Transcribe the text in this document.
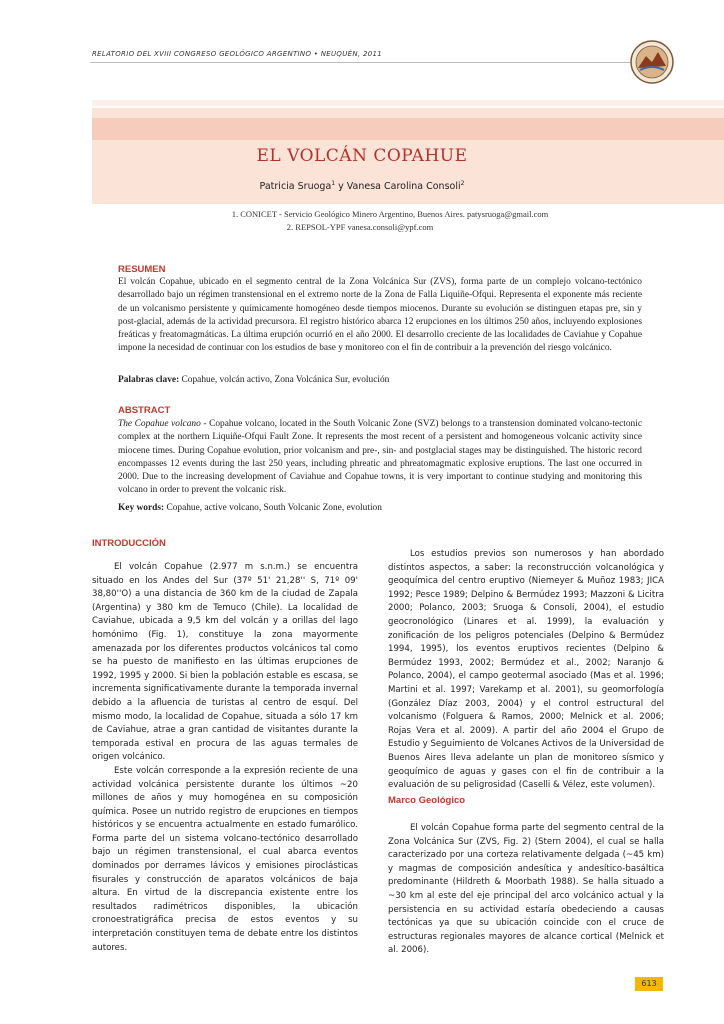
RELATORIO DEL XVIII CONGRESO GEOLÓGICO ARGENTINO • NEUQUÉN, 2011
EL VOLCÁN COPAHUE
Patricia Sruoga$^1$ y Vanesa Carolina Consoli$^2$
1. CONICET - Servicio Geológico Minero Argentino, Buenos Aires. patysruoga@gmail.com
2. REPSOL-YPF vanesa.consoli@ypf.com
RESUMEN
El volcán Copahue, ubicado en el segmento central de la Zona Volcánica Sur (ZVS), forma parte de un complejo volcano-tectónico desarrollado bajo un régimen transtensional en el extremo norte de la Zona de Falla Liquiñe-Ofqui. Representa el exponente más reciente de un volcanismo persistente y químicamente homogéneo desde tiempos miocenos. Durante su evolución se distinguen etapas pre, sin y post-glacial, además de la actividad precursora. El registro histórico abarca 12 erupciones en los últimos 250 años, incluyendo explosiones freáticas y freatomagmáticas. La última erupción ocurrió en el año 2000. El desarrollo creciente de las localidades de Caviahue y Copahue impone la necesidad de continuar con los estudios de base y monitoreo con el fin de contribuir a la prevención del riesgo volcánico.
Palabras clave: Copahue, volcán activo, Zona Volcánica Sur, evolución
ABSTRACT
The Copahue volcano - Copahue volcano, located in the South Volcanic Zone (SVZ) belongs to a transtension dominated volcano-tectonic complex at the northern Liquiñe-Ofqui Fault Zone. It represents the most recent of a persistent and homogeneous volcanic activity since miocene times. During Copahue evolution, prior volcanism and pre-, sin- and postglacial stages may be distinguished. The historic record encompasses 12 events during the last 250 years, including phreatic and phreatomagmatic explosive eruptions. The last one occurred in 2000. Due to the increasing development of Caviahue and Copahue towns, it is very important to continue studying and monitoring this volcano in order to prevent the volcanic risk.
Key words: Copahue, active volcano, South Volcanic Zone, evolution
INTRODUCCIÓN

El volcán Copahue (2.977 m s.n.m.) se encuentra situado en los Andes del Sur (37º 51' 21,28'' S, 71º 09' 38,80''O) a una distancia de 360 km de la ciudad de Zapala (Argentina) y 380 km de Temuco (Chile). La localidad de Caviahue, ubicada a 9,5 km del volcán y a orillas del lago homónimo (Fig. 1), constituye la zona mayormente amenazada por los diferentes productos volcánicos tal como se ha puesto de manifiesto en las últimas erupciones de 1992, 1995 y 2000. Si bien la población estable es escasa, se incrementa significativamente durante la temporada invernal debido a la afluencia de turistas al centro de esquí. Del mismo modo, la localidad de Copahue, situada a sólo 17 km de Caviahue, atrae a gran cantidad de visitantes durante la temporada estival en procura de las aguas termales de origen volcánico.

Este volcán corresponde a la expresión reciente de una actividad volcánica persistente durante los últimos ~20 millones de años y muy homogénea en su composición química. Posee un nutrido registro de erupciones en tiempos históricos y se encuentra actualmente en estado fumarólico. Forma parte del un sistema volcano-tectónico desarrollado bajo un régimen transtensional, el cual abarca eventos dominados por derrames lávicos y emisiones piroclásticas fisurales y construcción de aparatos volcánicos de baja altura. En virtud de la discrepancia existente entre los resultados radimétricos disponibles, la ubicación cronoestratigráfica precisa de estos eventos y su interpretación constituyen tema de debate entre los distintos autores.

Los estudios previos son numerosos y han abordado distintos aspectos, a saber: la reconstrucción volcanológica y geoquímica del centro eruptivo (Niemeyer & Muñoz 1983; JICA 1992; Pesce 1989; Delpino & Bermúdez 1993; Mazzoni & Licitra 2000; Polanco, 2003; Sruoga & Consoli, 2004), el estudio geocronológico (Linares et al. 1999), la evaluación y zonificación de los peligros potenciales (Delpino & Bermúdez 1994, 1995), los eventos eruptivos recientes (Delpino & Bermúdez 1993, 2002; Bermúdez et al., 2002; Naranjo & Polanco, 2004), el campo geotermal asociado (Mas et al. 1996; Martini et al. 1997; Varekamp et al. 2001), su geomorfología (González Díaz 2003, 2004) y el control estructural del volcanismo (Folguera & Ramos, 2000; Melnick et al. 2006; Rojas Vera et al. 2009). A partir del año 2004 el Grupo de Estudio y Seguimiento de Volcanes Activos de la Universidad de Buenos Aires lleva adelante un plan de monitoreo sísmico y geoquímico de aguas y gases con el fin de contribuir a la evaluación de su peligrosidad (Caselli & Vélez, este volumen).

Marco Geológico

El volcán Copahue forma parte del segmento central de la Zona Volcánica Sur (ZVS, Fig. 2) (Stern 2004), el cual se halla caracterizado por una corteza relativamente delgada (~45 km) y magmas de composición andesítica y andesítico-basáltica predominante (Hildreth & Moorbath 1988). Se halla situado a ~30 km al este del eje principal del arco volcánico actual y la persistencia en su actividad estaría obedeciendo a causas tectónicas ya que su ubicación coincide con el cruce de estructuras regionales mayores de alcance cortical (Melnick et al. 2006).

613
